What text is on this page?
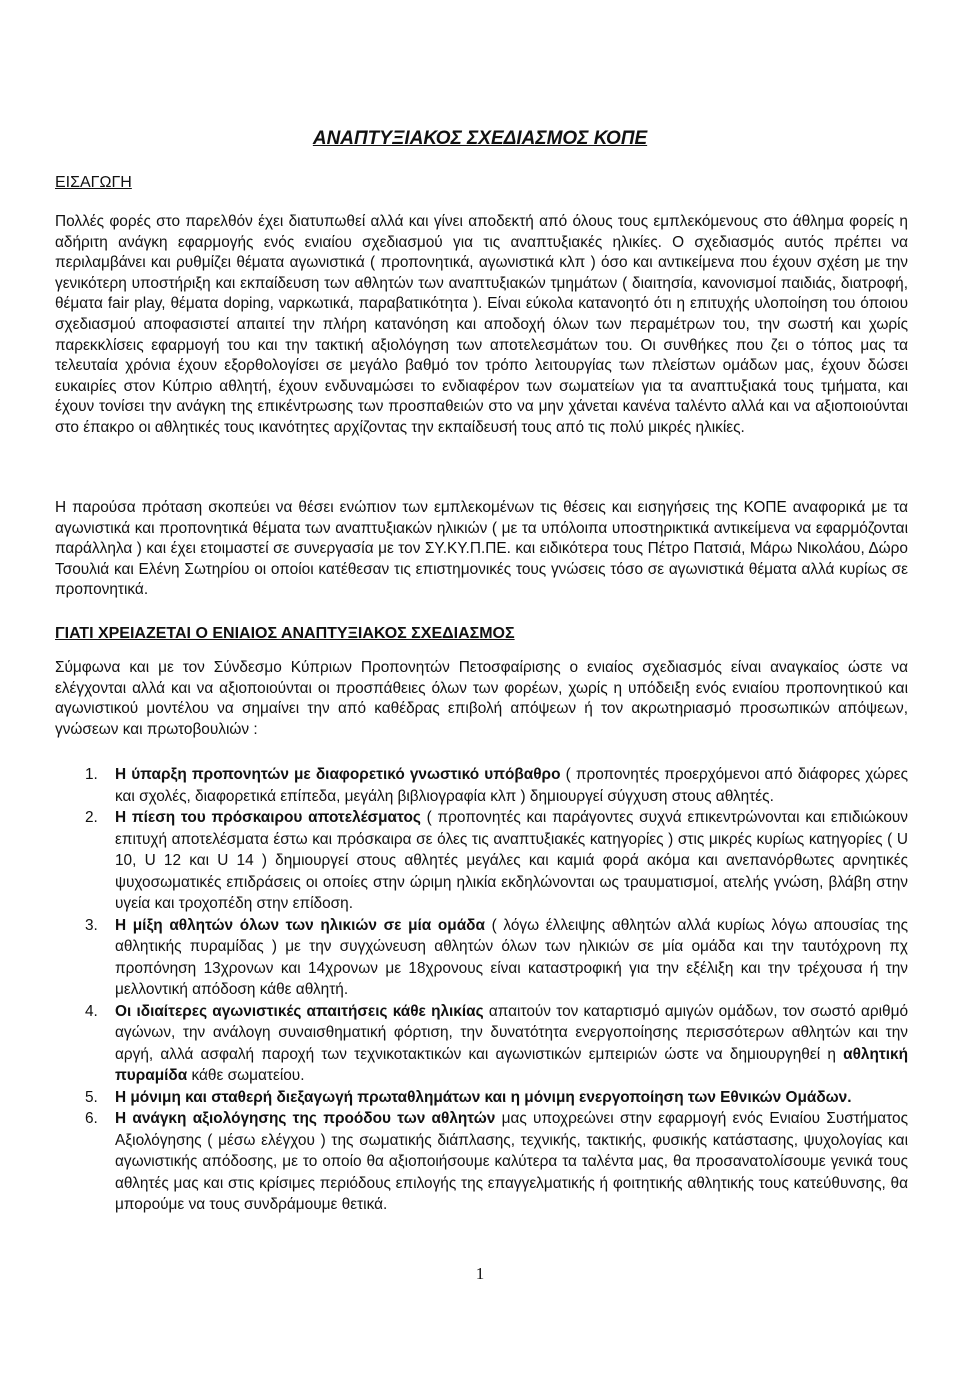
ΑΝΑΠΤΥΞΙΑΚΟΣ ΣΧΕΔΙΑΣΜΟΣ ΚΟΠΕ
ΕΙΣΑΓΩΓΗ
Πολλές φορές στο παρελθόν έχει διατυπωθεί αλλά και γίνει αποδεκτή από όλους τους εμπλεκόμενους στο άθλημα φορείς η αδήριτη ανάγκη εφαρμογής ενός ενιαίου σχεδιασμού για τις αναπτυξιακές ηλικίες. Ο σχεδιασμός αυτός πρέπει να περιλαμβάνει και ρυθμίζει θέματα αγωνιστικά ( προπονητικά, αγωνιστικά κλπ ) όσο και αντικείμενα που έχουν σχέση με την γενικότερη υποστήριξη και εκπαίδευση των αθλητών των αναπτυξιακών τμημάτων ( διαιτησία, κανονισμοί παιδιάς, διατροφή, θέματα fair play, θέματα doping, ναρκωτικά, παραβατικότητα ). Είναι εύκολα κατανοητό ότι η επιτυχής υλοποίηση του όποιου σχεδιασμού αποφασιστεί απαιτεί την πλήρη κατανόηση και αποδοχή όλων των περαμέτρων του, την σωστή και χωρίς παρεκκλίσεις εφαρμογή του και την τακτική αξιολόγηση των αποτελεσμάτων του. Οι συνθήκες που ζει ο τόπος μας τα τελευταία χρόνια έχουν εξορθολογίσει σε μεγάλο βαθμό τον τρόπο λειτουργίας των πλείστων ομάδων μας, έχουν δώσει ευκαιρίες στον Κύπριο αθλητή, έχουν ενδυναμώσει το ενδιαφέρον των σωματείων για τα αναπτυξιακά τους τμήματα, και έχουν τονίσει την ανάγκη της επικέντρωσης των προσπαθειών στο να μην χάνεται κανένα ταλέντο αλλά και να αξιοποιούνται στο έπακρο οι αθλητικές τους ικανότητες αρχίζοντας την εκπαίδευσή τους από τις πολύ μικρές ηλικίες.
Η παρούσα πρόταση σκοπεύει να θέσει ενώπιον των εμπλεκομένων τις θέσεις και εισηγήσεις της ΚΟΠΕ αναφορικά με τα αγωνιστικά και προπονητικά θέματα των αναπτυξιακών ηλικιών ( με τα υπόλοιπα υποστηρικτικά αντικείμενα να εφαρμόζονται παράλληλα ) και έχει ετοιμαστεί σε συνεργασία με τον ΣΥ.ΚΥ.Π.ΠΕ. και ειδικότερα τους Πέτρο Πατσιά, Μάρω Νικολάου, Δώρο Τσουλιά και Ελένη Σωτηρίου οι οποίοι κατέθεσαν τις επιστημονικές τους γνώσεις τόσο σε αγωνιστικά θέματα αλλά κυρίως σε προπονητικά.
ΓΙΑΤΙ ΧΡΕΙΑΖΕΤΑΙ Ο ΕΝΙΑΙΟΣ ΑΝΑΠΤΥΞΙΑΚΟΣ ΣΧΕΔΙΑΣΜΟΣ
Σύμφωνα και με τον Σύνδεσμο Κύπριων Προπονητών Πετοσφαίρισης ο ενιαίος σχεδιασμός είναι αναγκαίος ώστε να ελέγχονται αλλά και να αξιοποιούνται οι προσπάθειες όλων των φορέων, χωρίς η υπόδειξη ενός ενιαίου προπονητικού και αγωνιστικού μοντέλου να σημαίνει την από καθέδρας επιβολή απόψεων ή τον ακρωτηριασμό προσωπικών απόψεων, γνώσεων και πρωτοβουλιών :
1. Η ύπαρξη προπονητών με διαφορετικό γνωστικό υπόβαθρο ( προπονητές προερχόμενοι από διάφορες χώρες και σχολές, διαφορετικά επίπεδα, μεγάλη βιβλιογραφία κλπ ) δημιουργεί σύγχυση στους αθλητές.
2. Η πίεση του πρόσκαιρου αποτελέσματος ( προπονητές και παράγοντες συχνά επικεντρώνονται και επιδιώκουν επιτυχή αποτελέσματα έστω και πρόσκαιρα σε όλες τις αναπτυξιακές κατηγορίες ) στις μικρές κυρίως κατηγορίες ( U 10, U 12 και U 14 ) δημιουργεί στους αθλητές μεγάλες και καμιά φορά ακόμα και ανεπανόρθωτες αρνητικές ψυχοσωματικές επιδράσεις οι οποίες στην ώριμη ηλικία εκδηλώνονται ως τραυματισμοί, ατελής γνώση, βλάβη στην υγεία και τροχοπέδη στην επίδοση.
3. Η μίξη αθλητών όλων των ηλικιών σε μία ομάδα ( λόγω έλλειψης αθλητών αλλά κυρίως λόγω απουσίας της αθλητικής πυραμίδας ) με την συγχώνευση αθλητών όλων των ηλικιών σε μία ομάδα και την ταυτόχρονη πχ προπόνηση 13χρονων και 14χρονων με 18χρονους είναι καταστροφική για την εξέλιξη και την τρέχουσα ή την μελλοντική απόδοση κάθε αθλητή.
4. Οι ιδιαίτερες αγωνιστικές απαιτήσεις κάθε ηλικίας απαιτούν τον καταρτισμό αμιγών ομάδων, τον σωστό αριθμό αγώνων, την ανάλογη συναισθηματική φόρτιση, την δυνατότητα ενεργοποίησης περισσότερων αθλητών και την αργή, αλλά ασφαλή παροχή των τεχνικοτακτικών και αγωνιστικών εμπειριών ώστε να δημιουργηθεί η αθλητική πυραμίδα κάθε σωματείου.
5. Η μόνιμη και σταθερή διεξαγωγή πρωταθλημάτων και η μόνιμη ενεργοποίηση των Εθνικών Ομάδων.
6. Η ανάγκη αξιολόγησης της προόδου των αθλητών μας υποχρεώνει στην εφαρμογή ενός Ενιαίου Συστήματος Αξιολόγησης ( μέσω ελέγχου ) της σωματικής διάπλασης, τεχνικής, τακτικής, φυσικής κατάστασης, ψυχολογίας και αγωνιστικής απόδοσης, με το οποίο θα αξιοποιήσουμε καλύτερα τα ταλέντα μας, θα προσανατολίσουμε γενικά τους αθλητές μας και στις κρίσιμες περιόδους επιλογής της επαγγελματικής ή φοιτητικής αθλητικής τους κατεύθυνσης, θα μπορούμε να τους συνδράμουμε θετικά.
1
